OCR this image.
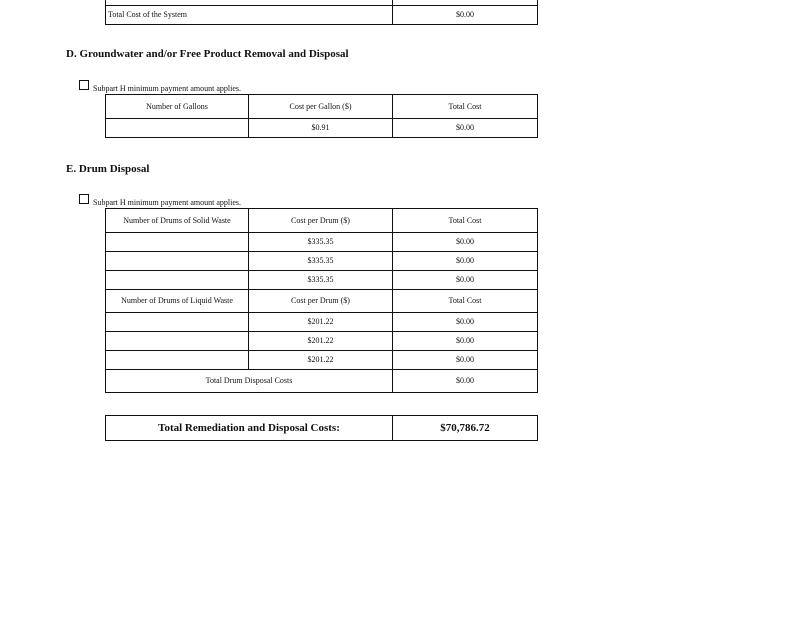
Total Cost of the System	$0.00
D. Groundwater and/or Free Product Removal and Disposal
Subpart H minimum payment amount applies.
Number of Gallons	Cost per Gallon ($)	Total Cost
	$0.91	$0.00
E. Drum Disposal
Subpart H minimum payment amount applies.
Number of Drums of Solid Waste	Cost per Drum ($)	Total Cost
	$335.35	$0.00
	$335.35	$0.00
	$335.35	$0.00
Number of Drums of Liquid Waste	Cost per Drum ($)	Total Cost
	$201.22	$0.00
	$201.22	$0.00
	$201.22	$0.00
Total Drum Disposal Costs		$0.00
Total Remediation and Disposal Costs:	$70,786.72
